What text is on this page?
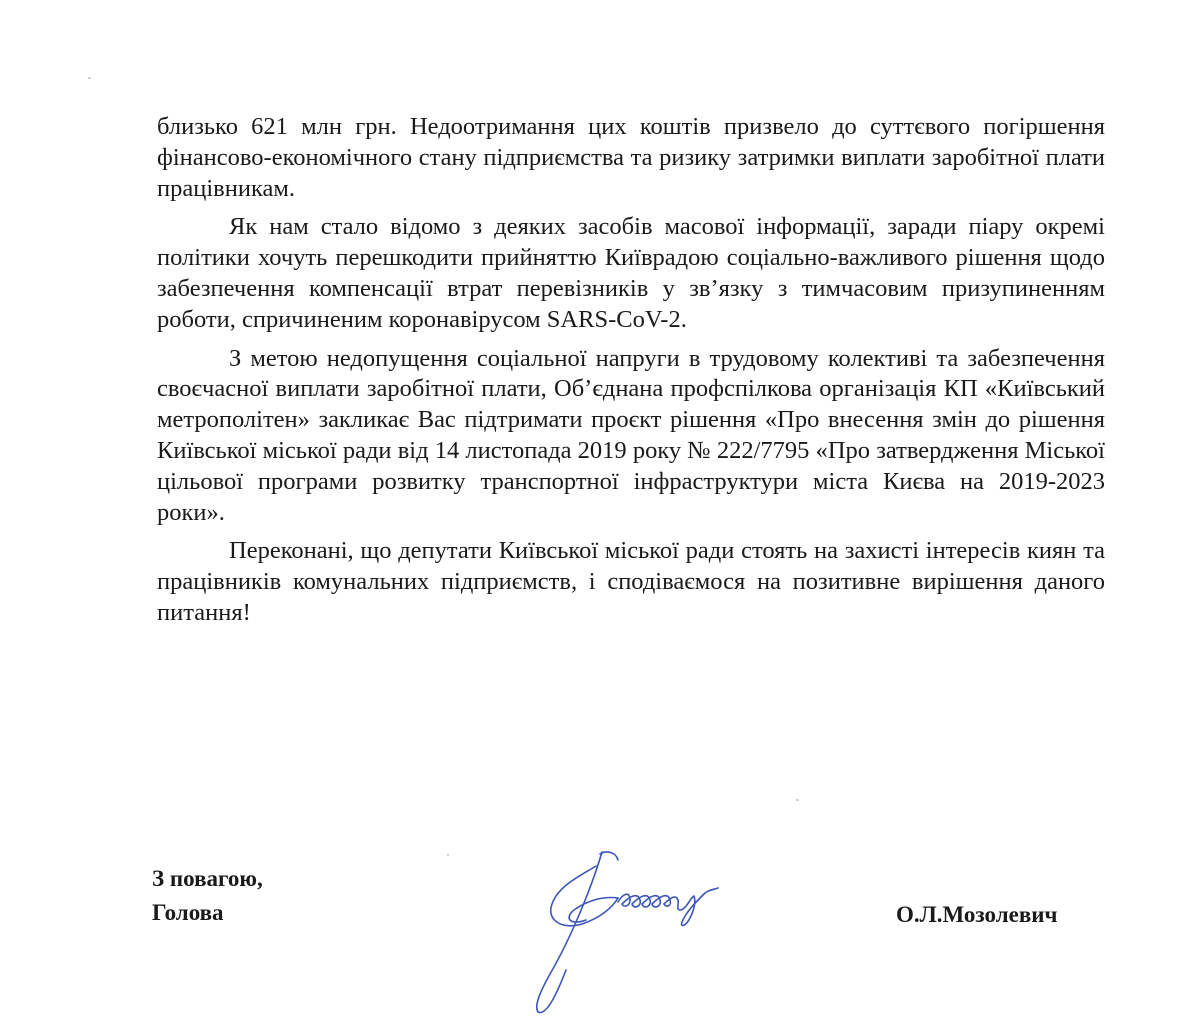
близько 621 млн грн. Недоотримання цих коштів призвело до суттєвого погіршення фінансово-економічного стану підприємства та ризику затримки виплати заробітної плати працівникам.

Як нам стало відомо з деяких засобів масової інформації, заради піару окремі політики хочуть перешкодити прийняттю Київрадою соціально-важливого рішення щодо забезпечення компенсації втрат перевізників у зв’язку з тимчасовим призупиненням роботи, спричиненим коронавірусом SARS-CoV-2.

З метою недопущення соціальної напруги в трудовому колективі та забезпечення своєчасної виплати заробітної плати, Об’єднана профспілкова організація КП «Київський метрополітен» закликає Вас підтримати проєкт рішення «Про внесення змін до рішення Київської міської ради від 14 листопада 2019 року № 222/7795 «Про затвердження Міської цільової програми розвитку транспортної інфраструктури міста Києва на 2019-2023 роки».

Переконані, що депутати Київської міської ради стоять на захисті інтересів киян та працівників комунальних підприємств, і сподіваємося на позитивне вирішення даного питання!

З повагою,
Голова	О.Л.Мозолевич
